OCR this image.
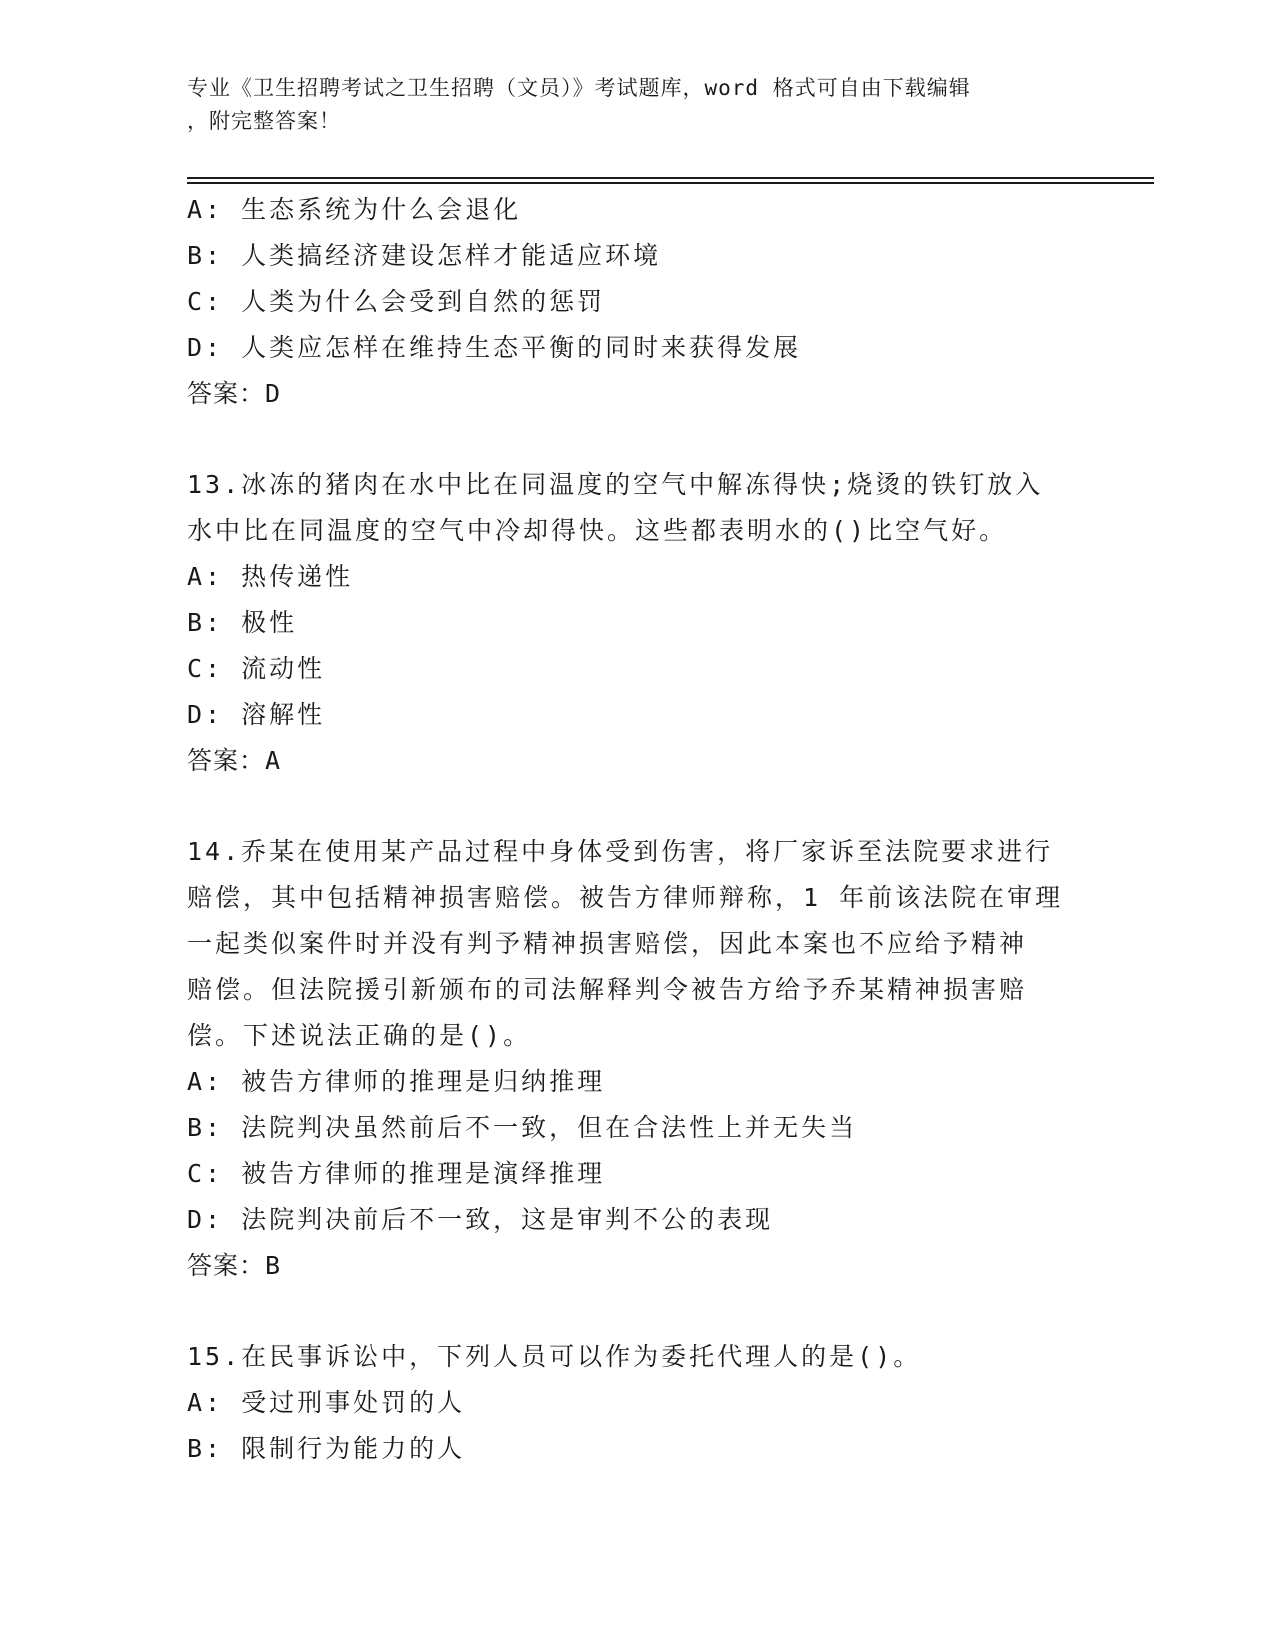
专业《卫生招聘考试之卫生招聘（文员）》考试题库，word 格式可自由下载编辑
，附完整答案！
A: 生态系统为什么会退化
B: 人类搞经济建设怎样才能适应环境
C: 人类为什么会受到自然的惩罚
D: 人类应怎样在维持生态平衡的同时来获得发展
答案：D
13.冰冻的猪肉在水中比在同温度的空气中解冻得快;烧烫的铁钉放入
水中比在同温度的空气中冷却得快。这些都表明水的()比空气好。
A: 热传递性
B: 极性
C: 流动性
D: 溶解性
答案：A
14.乔某在使用某产品过程中身体受到伤害，将厂家诉至法院要求进行
赔偿，其中包括精神损害赔偿。被告方律师辩称，1 年前该法院在审理
一起类似案件时并没有判予精神损害赔偿，因此本案也不应给予精神
赔偿。但法院援引新颁布的司法解释判令被告方给予乔某精神损害赔
偿。下述说法正确的是()。
A: 被告方律师的推理是归纳推理
B: 法院判决虽然前后不一致，但在合法性上并无失当
C: 被告方律师的推理是演绎推理
D: 法院判决前后不一致，这是审判不公的表现
答案：B
15.在民事诉讼中，下列人员可以作为委托代理人的是()。
A: 受过刑事处罚的人
B: 限制行为能力的人
